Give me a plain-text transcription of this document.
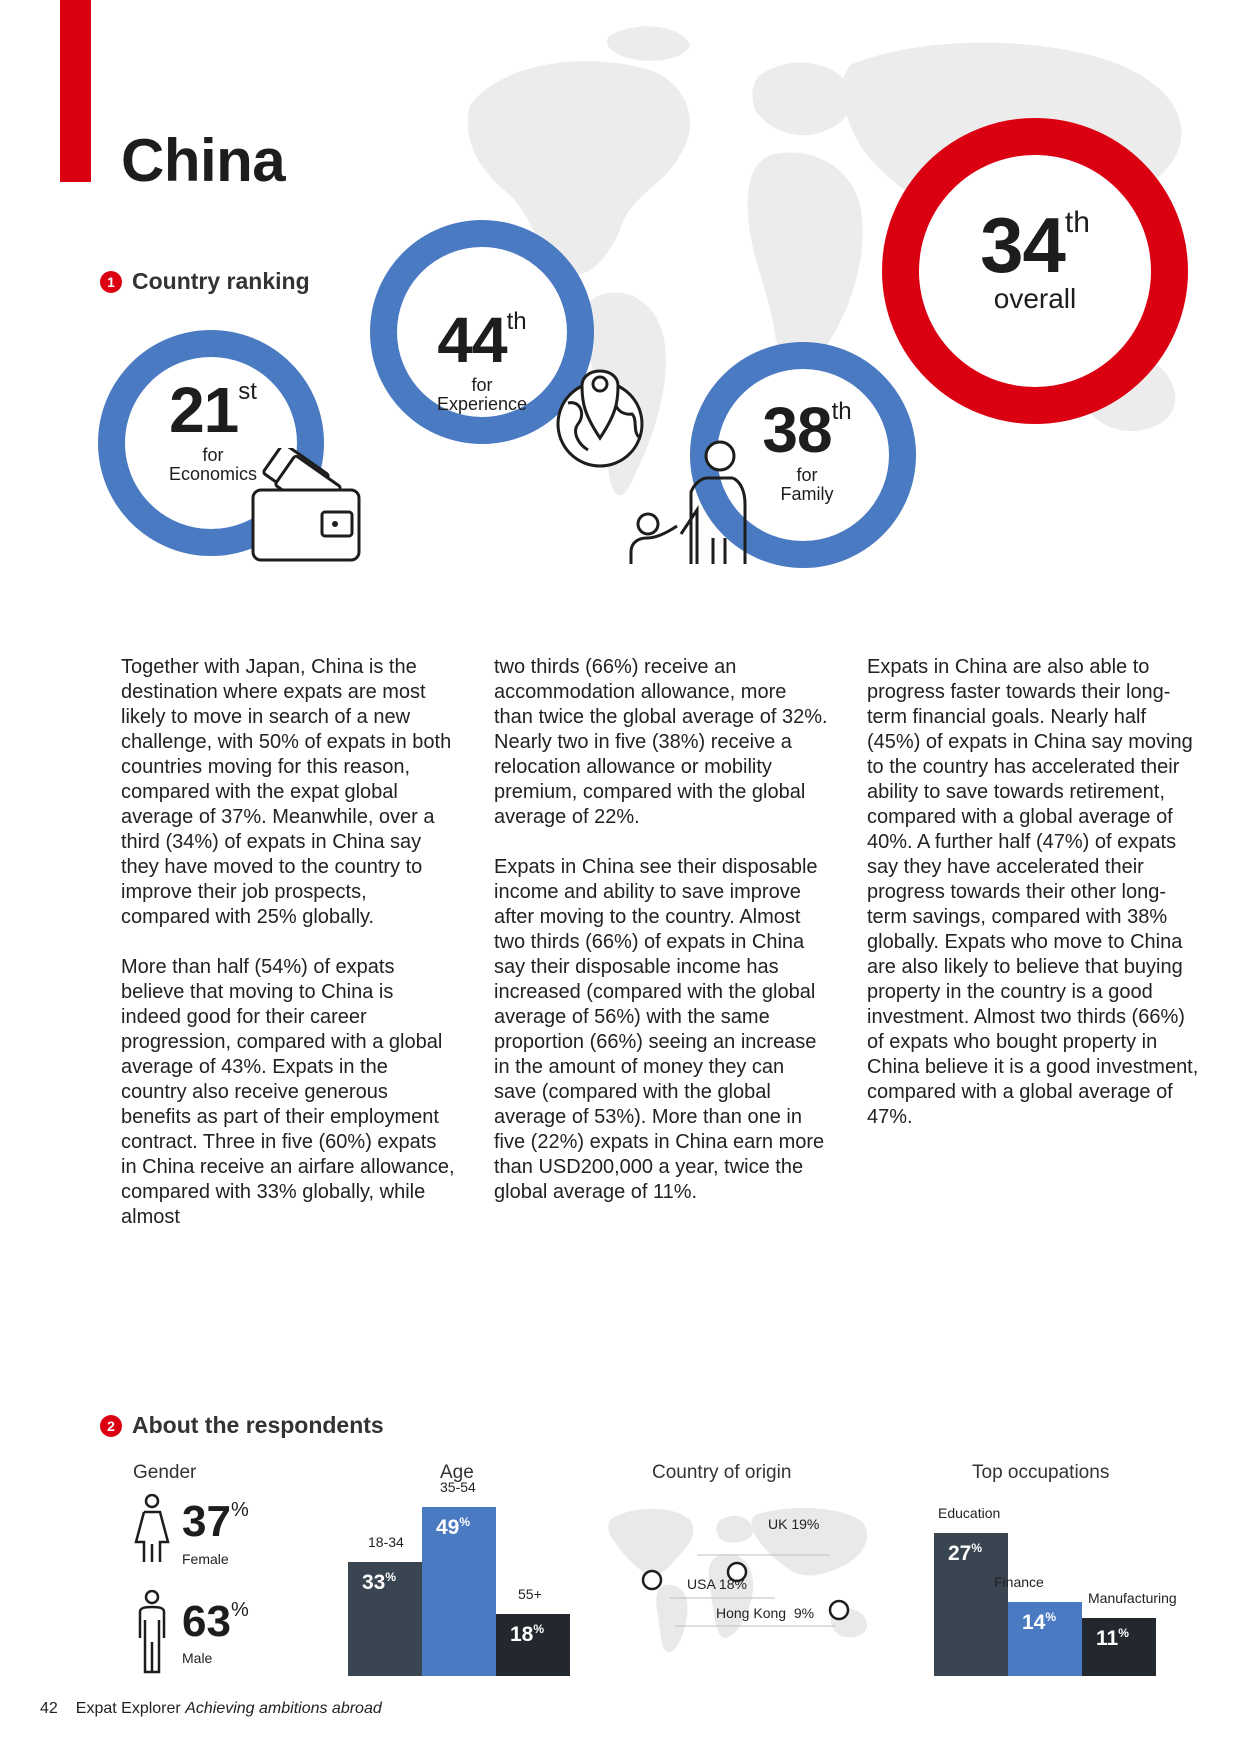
China
1 Country ranking
21st
for
Economics
44th
for
Experience	38th
for
Family
34th
overall

Together with Japan, China is the destination where expats are most likely to move in search of a new challenge, with 50% of expats in both countries moving for this reason, compared with the expat global average of 37%. Meanwhile, over a third (34%) of expats in China say they have moved to the country to improve their job prospects, compared with 25% globally.

More than half (54%) of expats believe that moving to China is indeed good for their career progression, compared with a global average of 43%. Expats in the country also receive generous benefits as part of their employment contract. Three in five (60%) expats in China receive an airfare allowance, compared with 33% globally, while almost

two thirds (66%) receive an accommodation allowance, more than twice the global average of 32%. Nearly two in five (38%) receive a relocation allowance or mobility premium, compared with the global average of 22%.

Expats in China see their disposable income and ability to save improve after moving to the country. Almost two thirds (66%) of expats in China say their disposable income has increased (compared with the global average of 56%) with the same proportion (66%) seeing an increase in the amount of money they can save (compared with the global average of 53%). More than one in five (22%) expats in China earn more than USD200,000 a year, twice the global average of 11%.

Expats in China are also able to progress faster towards their long-term financial goals. Nearly half (45%) of expats in China say moving to the country has accelerated their ability to save towards retirement, compared with a global average of 40%. A further half (47%) of expats say they have accelerated their progress towards their other long-term savings, compared with 38% globally. Expats who move to China are also likely to believe that buying property in the country is a good investment. Almost two thirds (66%) of expats who bought property in China believe it is a good investment, compared with a global average of 47%.

2 About the respondents
Gender
37%
Female
63%
Male
Age	Country of origin
UK 19%
USA 18%
Hong Kong  9%
Top occupations
42 Expat Explorer Achieving ambitions abroad
33%
18-34
49%
35-54
18%
55+
27%
Education
14%
Finance
11%
Manufacturing
